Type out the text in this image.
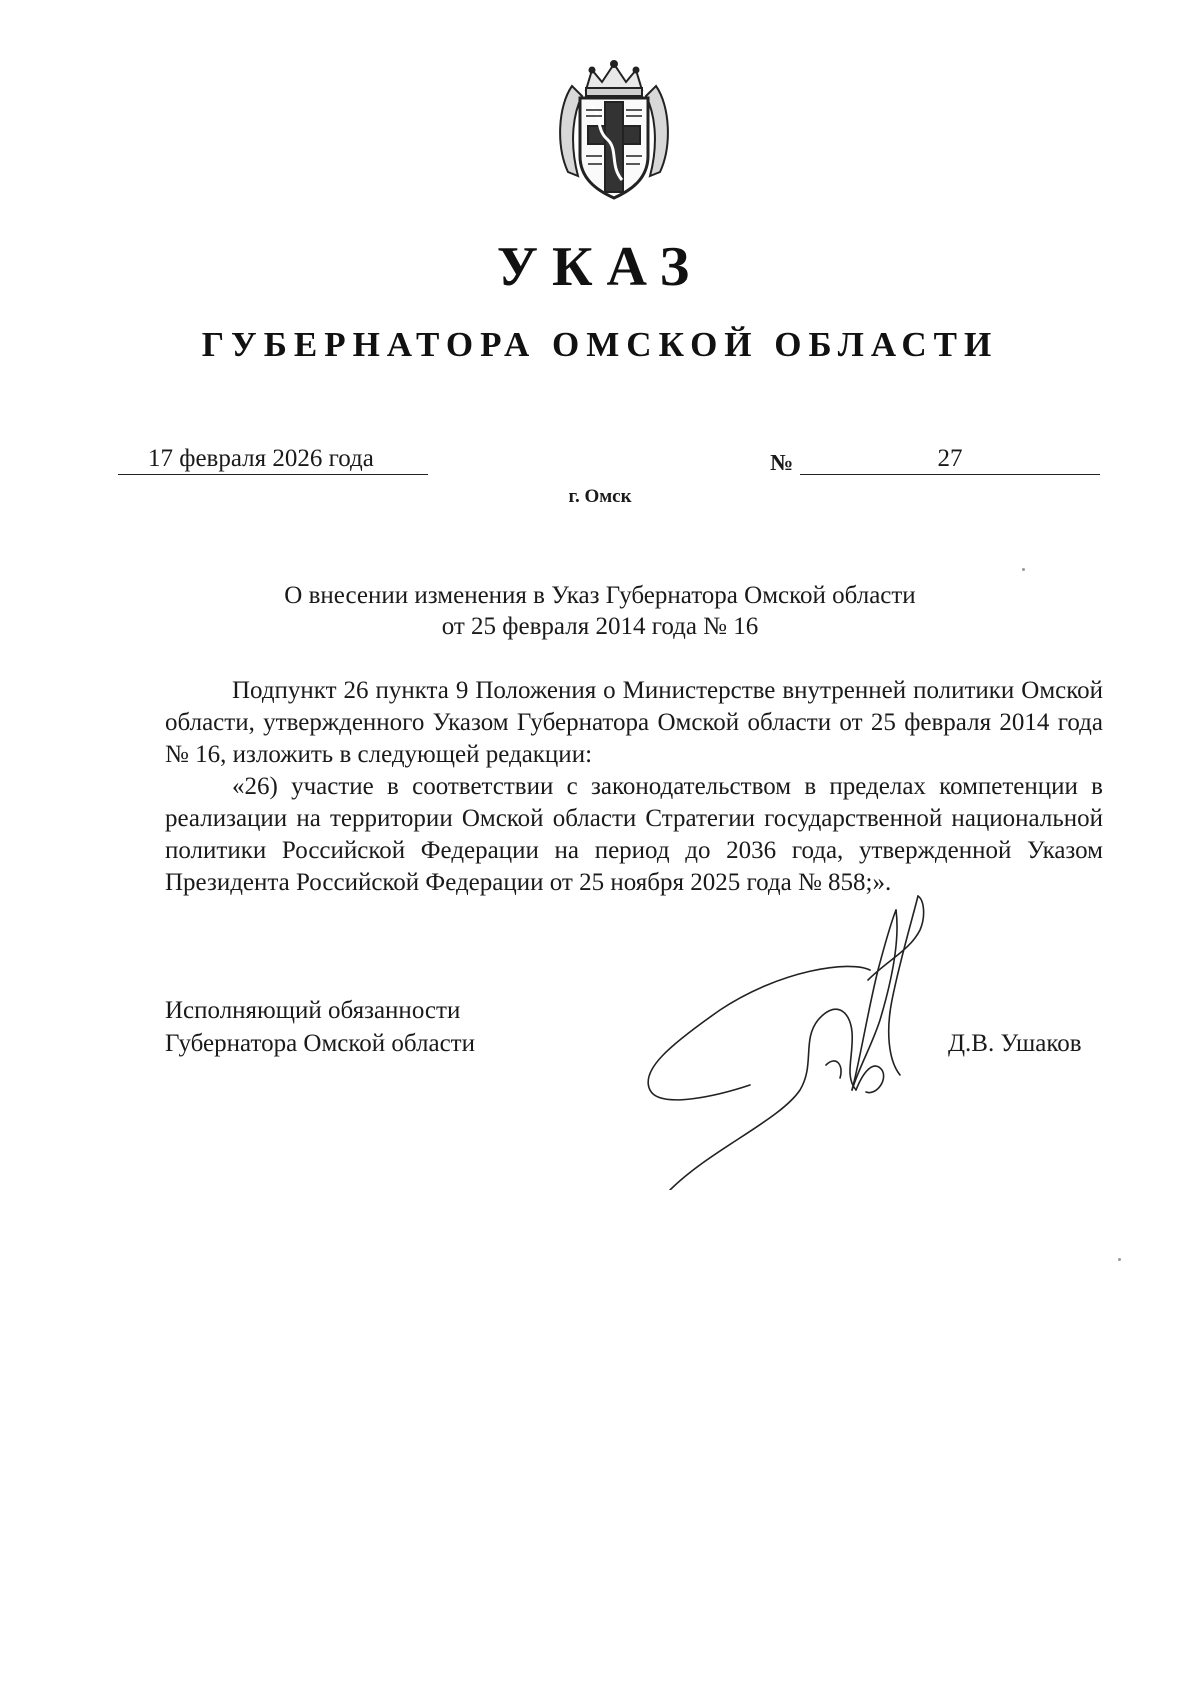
УКАЗ
ГУБЕРНАТОРА ОМСКОЙ ОБЛАСТИ
17 февраля 2026 года	№	27
г. Омск
О внесении изменения в Указ Губернатора Омской области
от 25 февраля 2014 года № 16

Подпункт 26 пункта 9 Положения о Министерстве внутренней политики Омской области, утвержденного Указом Губернатора Омской области от 25 февраля 2014 года № 16, изложить в следующей редакции:

«26) участие в соответствии с законодательством в пределах компетенции в реализации на территории Омской области Стратегии государственной национальной политики Российской Федерации на период до 2036 года, утвержденной Указом Президента Российской Федерации от 25 ноября 2025 года № 858;».

Исполняющий обязанности
Губернатора Омской области	Д.В. Ушаков
